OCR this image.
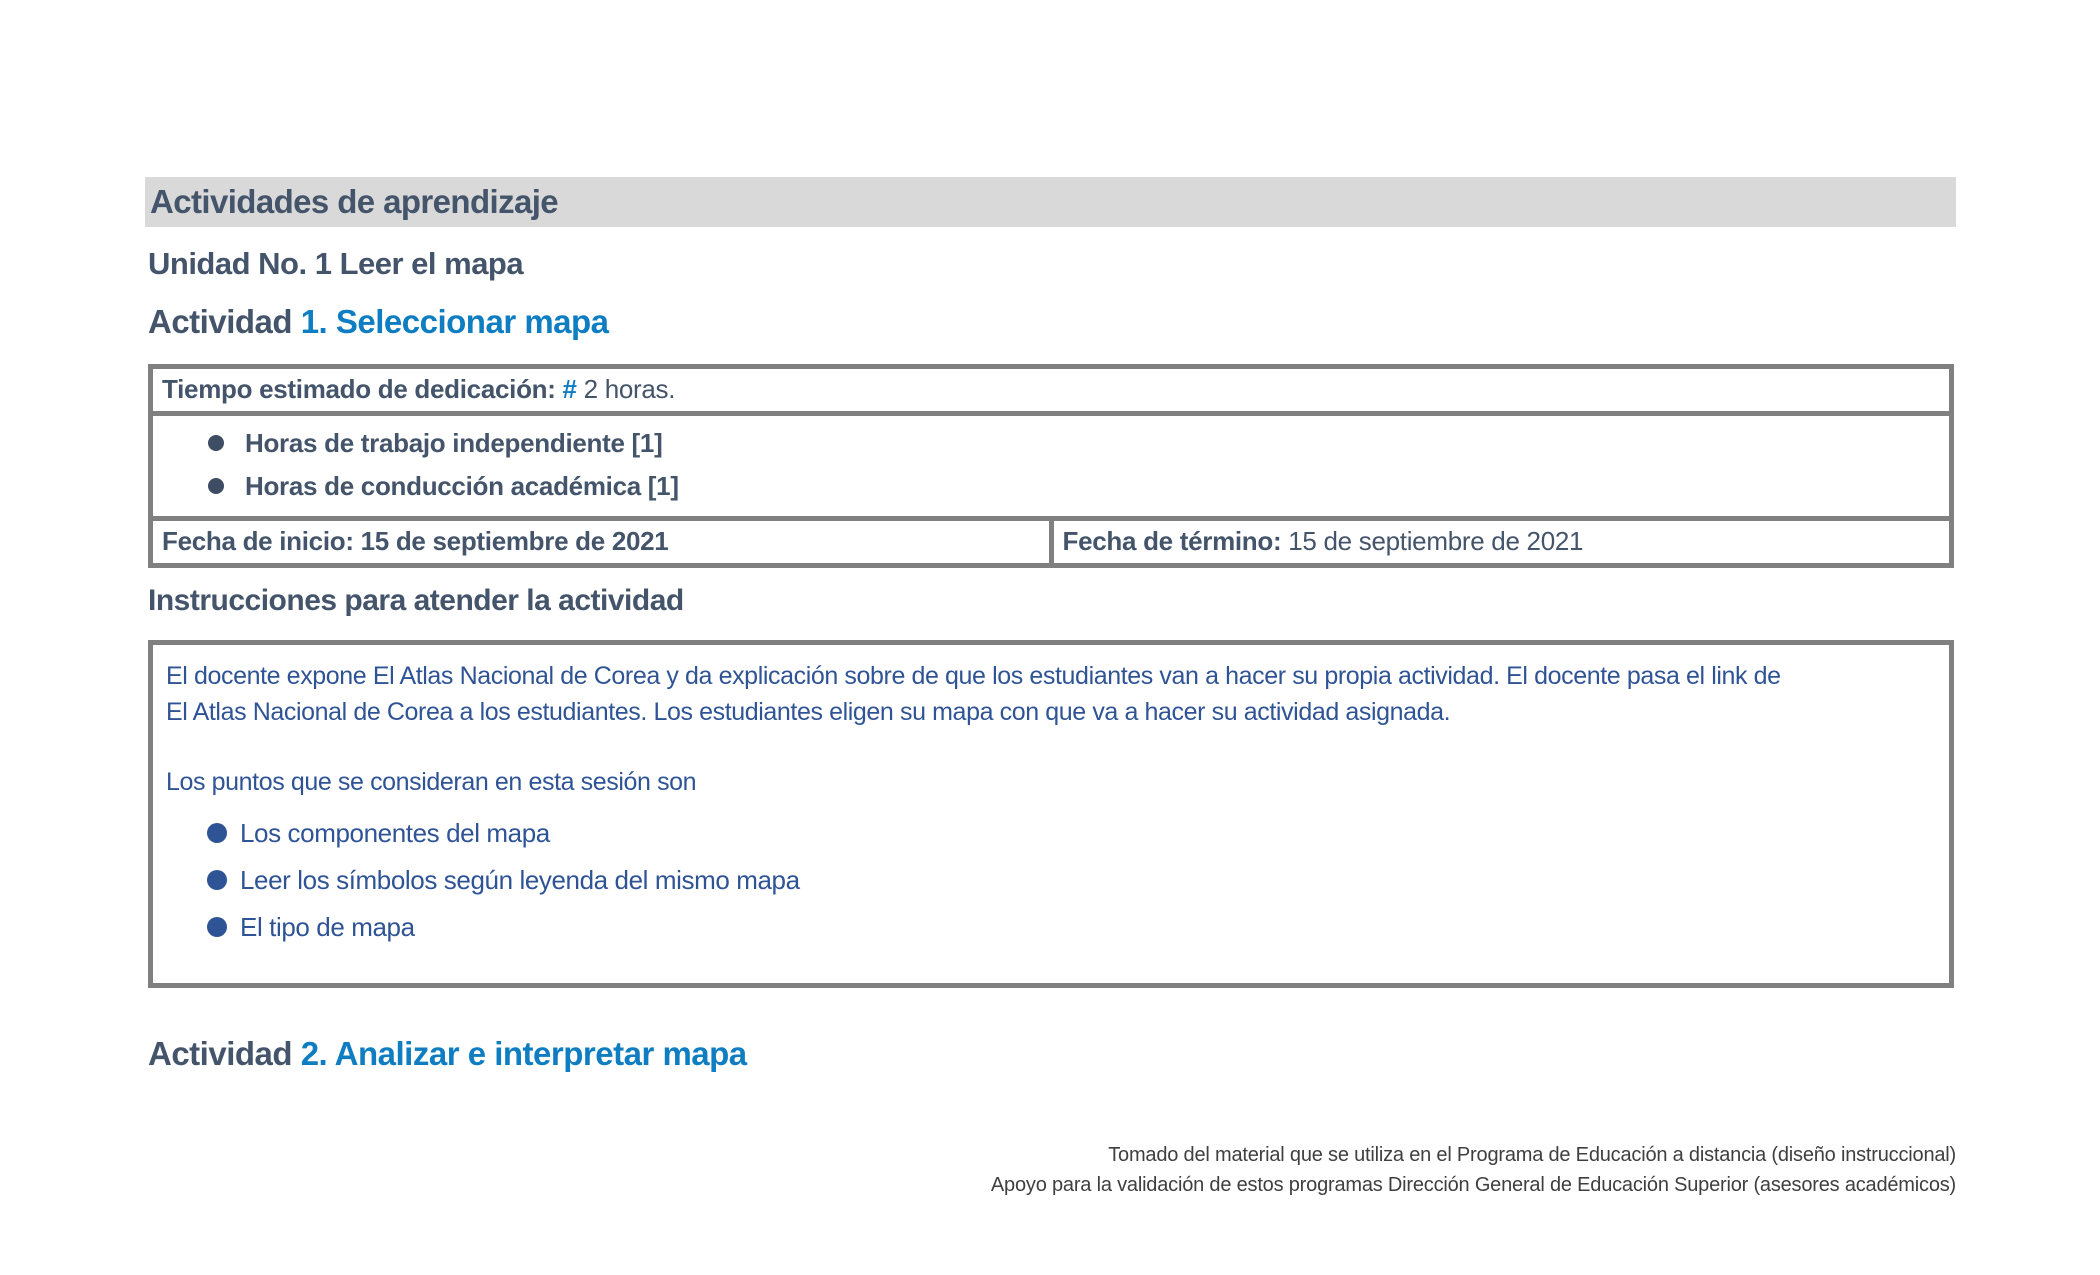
Actividades de aprendizaje
Unidad No. 1 Leer el mapa
Actividad 1. Seleccionar mapa
Tiempo estimado de dedicación: # 2 horas.

Horas de trabajo independiente [1]
Horas de conducción académica [1]

Fecha de inicio: 15 de septiembre de 2021	Fecha de término: 15 de septiembre de 2021
Instrucciones para atender la actividad
El docente expone El Atlas Nacional de Corea y da explicación sobre de que los estudiantes van a hacer su propia actividad. El docente pasa el link de
El Atlas Nacional de Corea a los estudiantes. Los estudiantes eligen su mapa con que va a hacer su actividad asignada.
Los puntos que se consideran en esta sesión son
Los componentes del mapa
Leer los símbolos según leyenda del mismo mapa
El tipo de mapa
Actividad 2. Analizar e interpretar mapa
Tomado del material que se utiliza en el Programa de Educación a distancia (diseño instruccional)
Apoyo para la validación de estos programas Dirección General de Educación Superior (asesores académicos)
